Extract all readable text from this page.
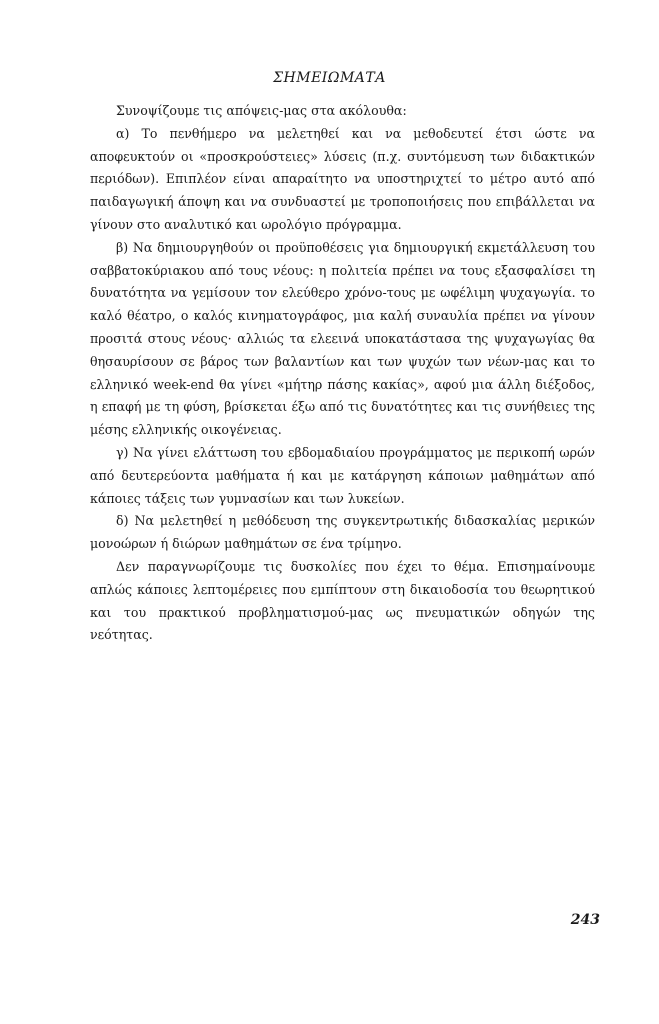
ΣΗΜΕΙΩΜΑΤΑ

Συνοψίζουμε τις απόψεις-μας στα ακόλουθα:

α) Το πενθήμερο να μελετηθεί και να μεθοδευτεί έτσι ώστε να αποφευκτούν οι «προσκρούστειες» λύσεις (π.χ. συντόμευση των διδακτικών περιόδων). Επιπλέον είναι απαραίτητο να υποστηριχτεί το μέτρο αυτό από παιδαγωγική άποψη και να συνδυαστεί με τροποποιήσεις που επιβάλλεται να γίνουν στο αναλυτικό και ωρολόγιο πρόγραμμα.

β) Να δημιουργηθούν οι προϋποθέσεις για δημιουργική εκμετάλλευση του σαββατοκύριακου από τους νέους: η πολιτεία πρέπει να τους εξασφαλίσει τη δυνατότητα να γεμίσουν τον ελεύθερο χρόνο-τους με ωφέλιμη ψυχαγωγία. το καλό θέατρο, ο καλός κινηματογράφος, μια καλή συναυλία πρέπει να γίνουν προσιτά στους νέους· αλλιώς τα ελεεινά υποκατάστασα της ψυχαγωγίας θα θησαυρίσουν σε βάρος των βαλαντίων και των ψυχών των νέων-μας και το ελληνικό week-end θα γίνει «μήτηρ πάσης κακίας», αφού μια άλλη διέξοδος, η επαφή με τη φύση, βρίσκεται έξω από τις δυνατότητες και τις συνήθειες της μέσης ελληνικής οικογένειας.

γ) Να γίνει ελάττωση του εβδομαδιαίου προγράμματος με περικοπή ωρών από δευτερεύοντα μαθήματα ή και με κατάργηση κάποιων μαθημάτων από κάποιες τάξεις των γυμνασίων και των λυκείων.

δ) Να μελετηθεί η μεθόδευση της συγκεντρωτικής διδασκαλίας μερικών μονοώρων ή διώρων μαθημάτων σε ένα τρίμηνο.

Δεν παραγνωρίζουμε τις δυσκολίες που έχει το θέμα. Επισημαίνουμε απλώς κάποιες λεπτομέρειες που εμπίπτουν στη δικαιοδοσία του θεωρητικού και του πρακτικού προβληματισμού-μας ως πνευματικών οδηγών της νεότητας.

243
